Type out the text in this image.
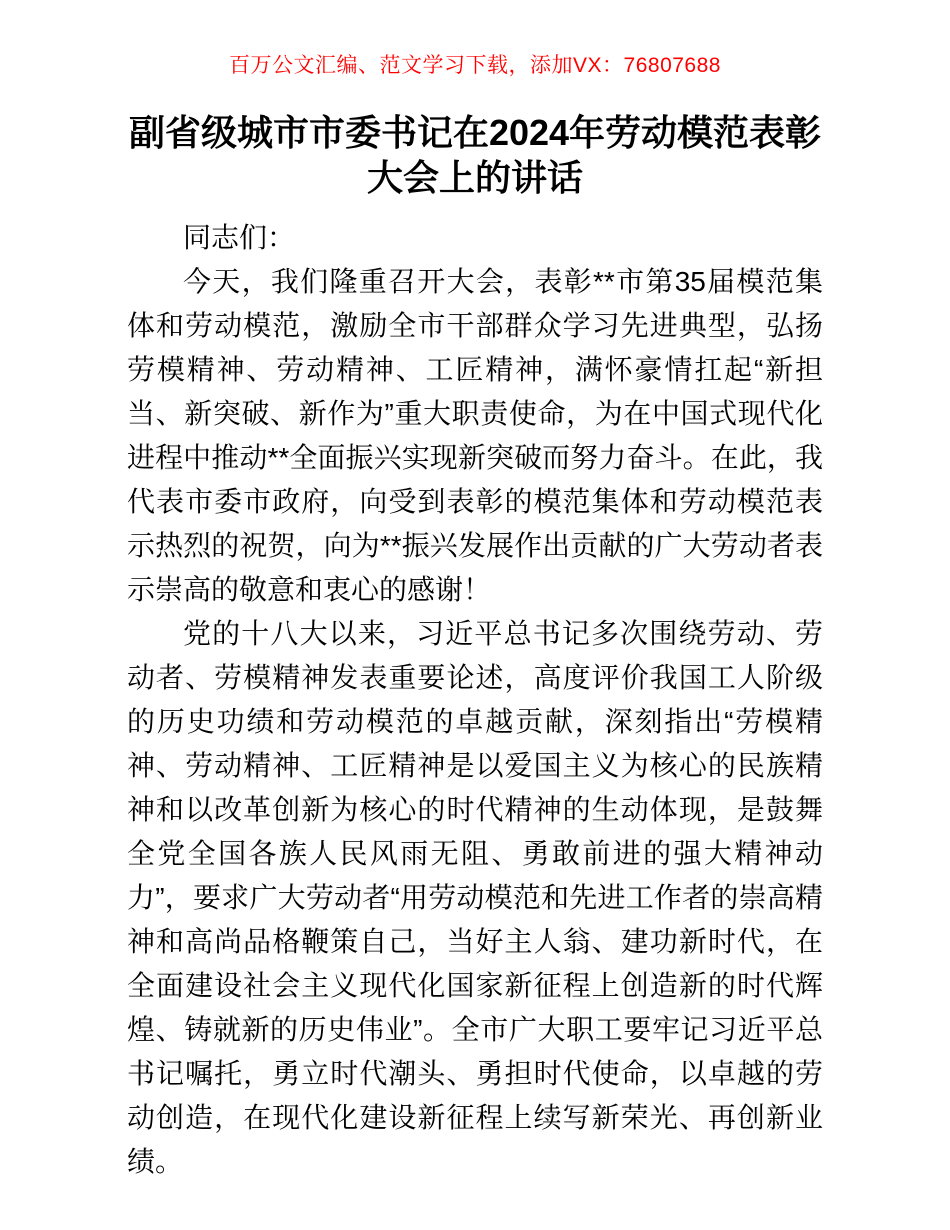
百万公文汇编、范文学习下载，添加VX：76807688
副省级城市市委书记在2024年劳动模范表彰大会上的讲话

同志们：

今天，我们隆重召开大会，表彰**市第35届模范集体和劳动模范，激励全市干部群众学习先进典型，弘扬劳模精神、劳动精神、工匠精神，满怀豪情扛起“新担当、新突破、新作为”重大职责使命，为在中国式现代化进程中推动**全面振兴实现新突破而努力奋斗。在此，我代表市委市政府，向受到表彰的模范集体和劳动模范表示热烈的祝贺，向为**振兴发展作出贡献的广大劳动者表示崇高的敬意和衷心的感谢！

党的十八大以来，习近平总书记多次围绕劳动、劳动者、劳模精神发表重要论述，高度评价我国工人阶级的历史功绩和劳动模范的卓越贡献，深刻指出“劳模精神、劳动精神、工匠精神是以爱国主义为核心的民族精神和以改革创新为核心的时代精神的生动体现，是鼓舞全党全国各族人民风雨无阻、勇敢前进的强大精神动力”，要求广大劳动者“用劳动模范和先进工作者的崇高精神和高尚品格鞭策自己，当好主人翁、建功新时代，在全面建设社会主义现代化国家新征程上创造新的时代辉煌、铸就新的历史伟业”。全市广大职工要牢记习近平总书记嘱托，勇立时代潮头、勇担时代使命，以卓越的劳动创造，在现代化建设新征程上续写新荣光、再创新业绩。
